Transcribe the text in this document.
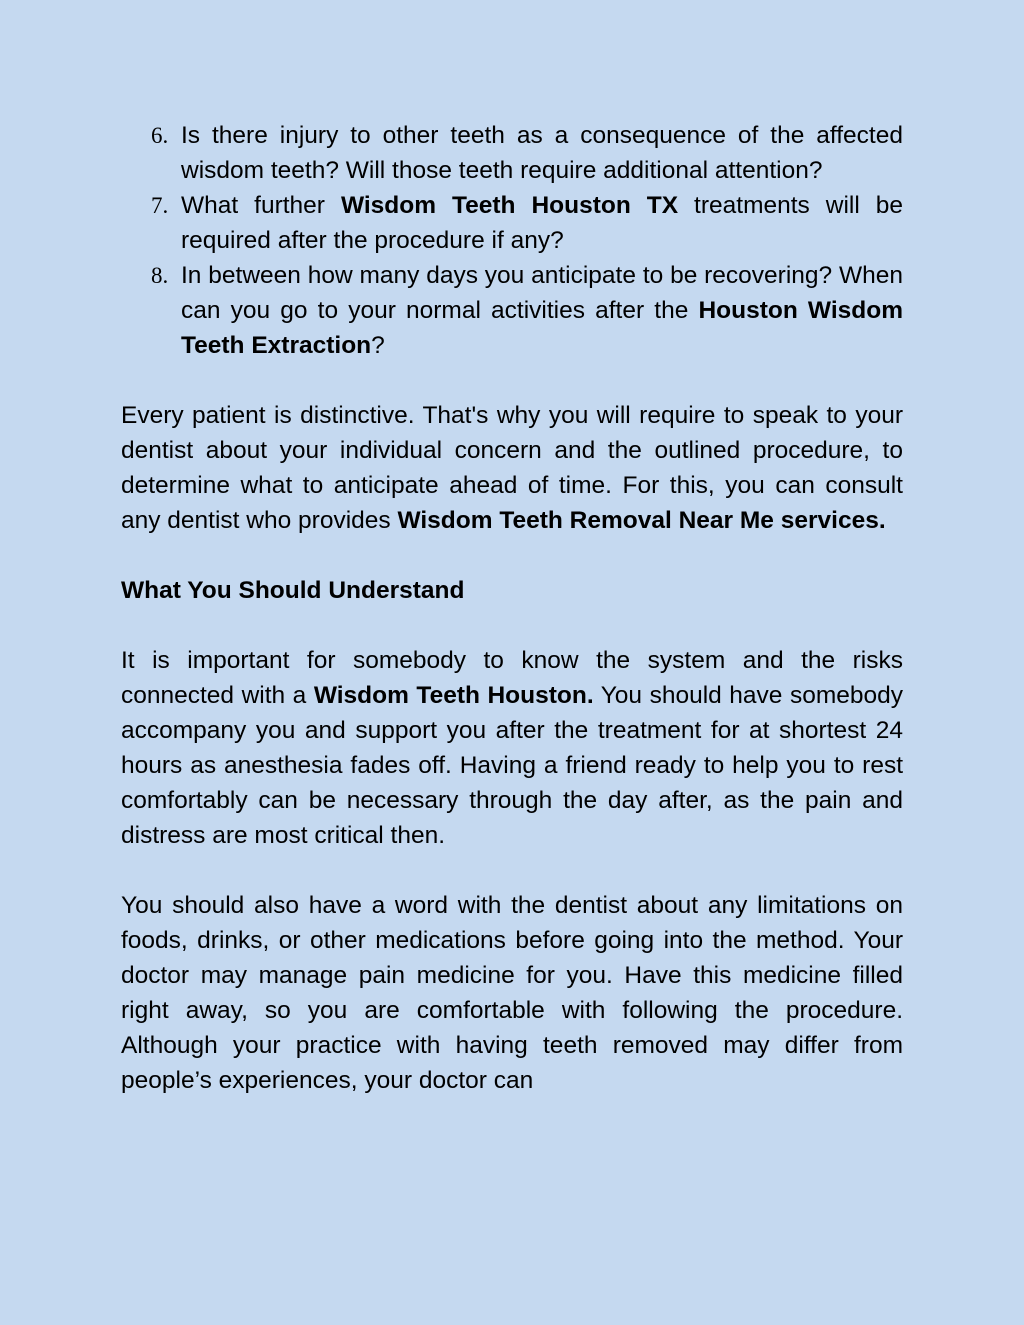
6. Is there injury to other teeth as a consequence of the affected wisdom teeth? Will those teeth require additional attention?
7. What further Wisdom Teeth Houston TX treatments will be required after the procedure if any?
8. In between how many days you anticipate to be recovering? When can you go to your normal activities after the Houston Wisdom Teeth Extraction?

Every patient is distinctive. That's why you will require to speak to your dentist about your individual concern and the outlined procedure, to determine what to anticipate ahead of time. For this, you can consult any dentist who provides Wisdom Teeth Removal Near Me services.

What You Should Understand

It is important for somebody to know the system and the risks connected with a Wisdom Teeth Houston. You should have somebody accompany you and support you after the treatment for at shortest 24 hours as anesthesia fades off. Having a friend ready to help you to rest comfortably can be necessary through the day after, as the pain and distress are most critical then.

You should also have a word with the dentist about any limitations on foods, drinks, or other medications before going into the method. Your doctor may manage pain medicine for you. Have this medicine filled right away, so you are comfortable with following the procedure. Although your practice with having teeth removed may differ from people’s experiences, your doctor can
